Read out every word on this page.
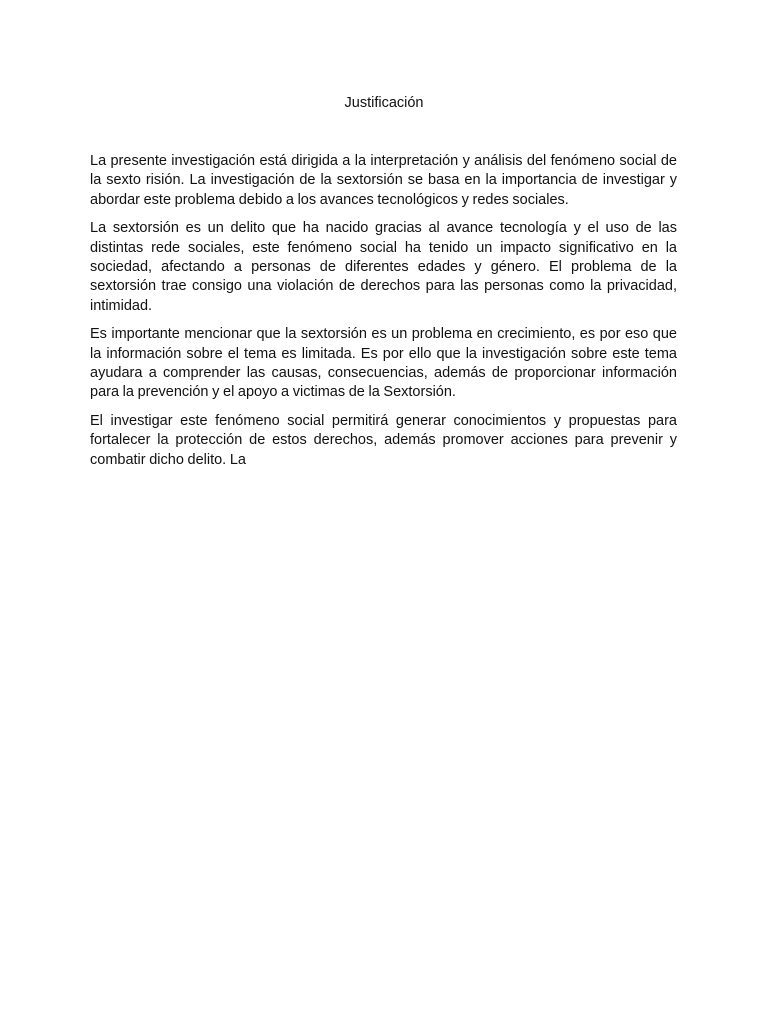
Justificación

La presente investigación está dirigida a la interpretación y análisis del fenómeno social de la sexto risión. La investigación de la sextorsión se basa en la importancia de investigar y abordar este problema debido a los avances tecnológicos y redes sociales.

La sextorsión es un delito que ha nacido gracias al avance tecnología y el uso de las distintas rede sociales, este fenómeno social ha tenido un impacto significativo en la sociedad, afectando a personas de diferentes edades y género. El problema de la sextorsión trae consigo una violación de derechos para las personas como la privacidad, intimidad.

Es importante mencionar que la sextorsión es un problema en crecimiento, es por eso que la información sobre el tema es limitada. Es por ello que la investigación sobre este tema ayudara a comprender las causas, consecuencias, además de proporcionar información para la prevención y el apoyo a victimas de la Sextorsión.

El investigar este fenómeno social permitirá generar conocimientos y propuestas para fortalecer la protección de estos derechos, además promover acciones para prevenir y combatir dicho delito. La
